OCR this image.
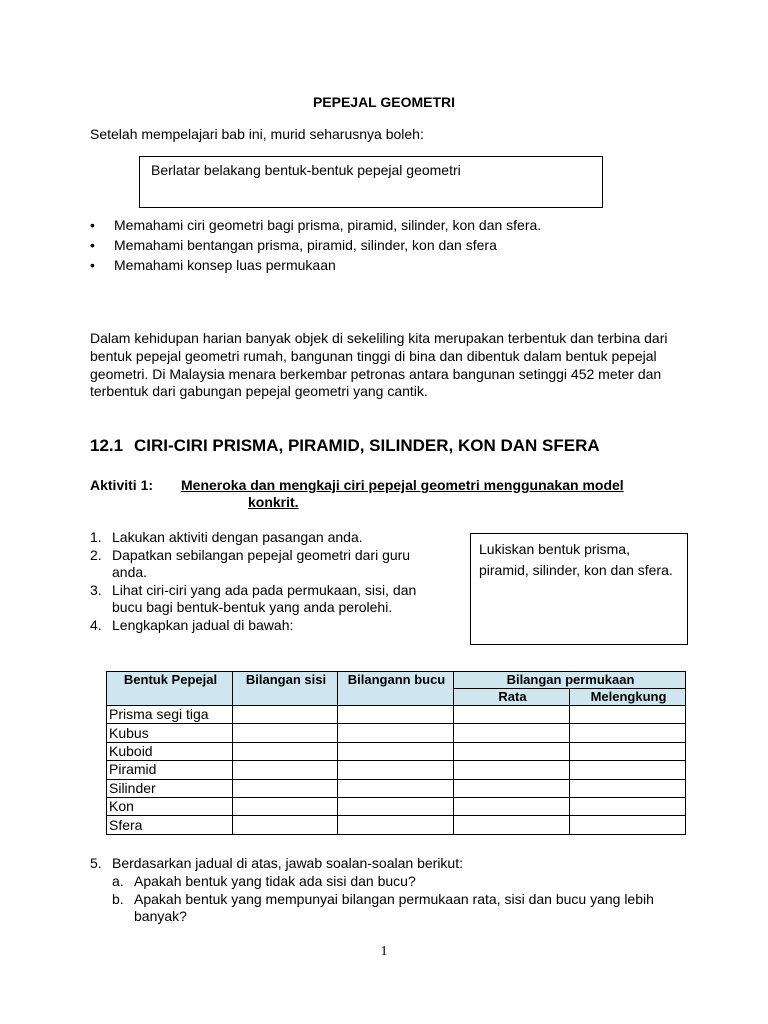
PEPEJAL GEOMETRI
Setelah mempelajari bab ini, murid seharusnya boleh:
Berlatar belakang bentuk-bentuk pepejal geometri
• Memahami ciri geometri bagi prisma, piramid, silinder, kon dan sfera.
• Memahami bentangan prisma, piramid, silinder, kon dan sfera
• Memahami konsep luas permukaan
Dalam kehidupan harian banyak objek di sekeliling kita merupakan terbentuk dan terbina dari bentuk pepejal geometri rumah, bangunan tinggi di bina dan dibentuk dalam bentuk pepejal geometri. Di Malaysia menara berkembar petronas antara bangunan setinggi 452 meter dan terbentuk dari gabungan pepejal geometri yang cantik.
12.1 CIRI-CIRI PRISMA, PIRAMID, SILINDER, KON DAN SFERA
Aktiviti 1: Meneroka dan mengkaji ciri pepejal geometri menggunakan model
konkrit.
1. Lakukan aktiviti dengan pasangan anda.
2. Dapatkan sebilangan pepejal geometri dari guru anda.
3. Lihat ciri-ciri yang ada pada permukaan, sisi, dan bucu bagi bentuk-bentuk yang anda perolehi.
4. Lengkapkan jadual di bawah:
Lukiskan bentuk prisma, piramid, silinder, kon dan sfera.
Bentuk Pepejal	Bilangan sisi	Bilangann bucu	Bilangan permukaan	
			Rata	Melengkung
Prisma segi tiga				
Kubus				
Kuboid				
Piramid				
Silinder				
Kon				
Sfera				
5. Berdasarkan jadual di atas, jawab soalan-soalan berikut:
a. Apakah bentuk yang tidak ada sisi dan bucu?
b. Apakah bentuk yang mempunyai bilangan permukaan rata, sisi dan bucu yang lebih banyak?
1
